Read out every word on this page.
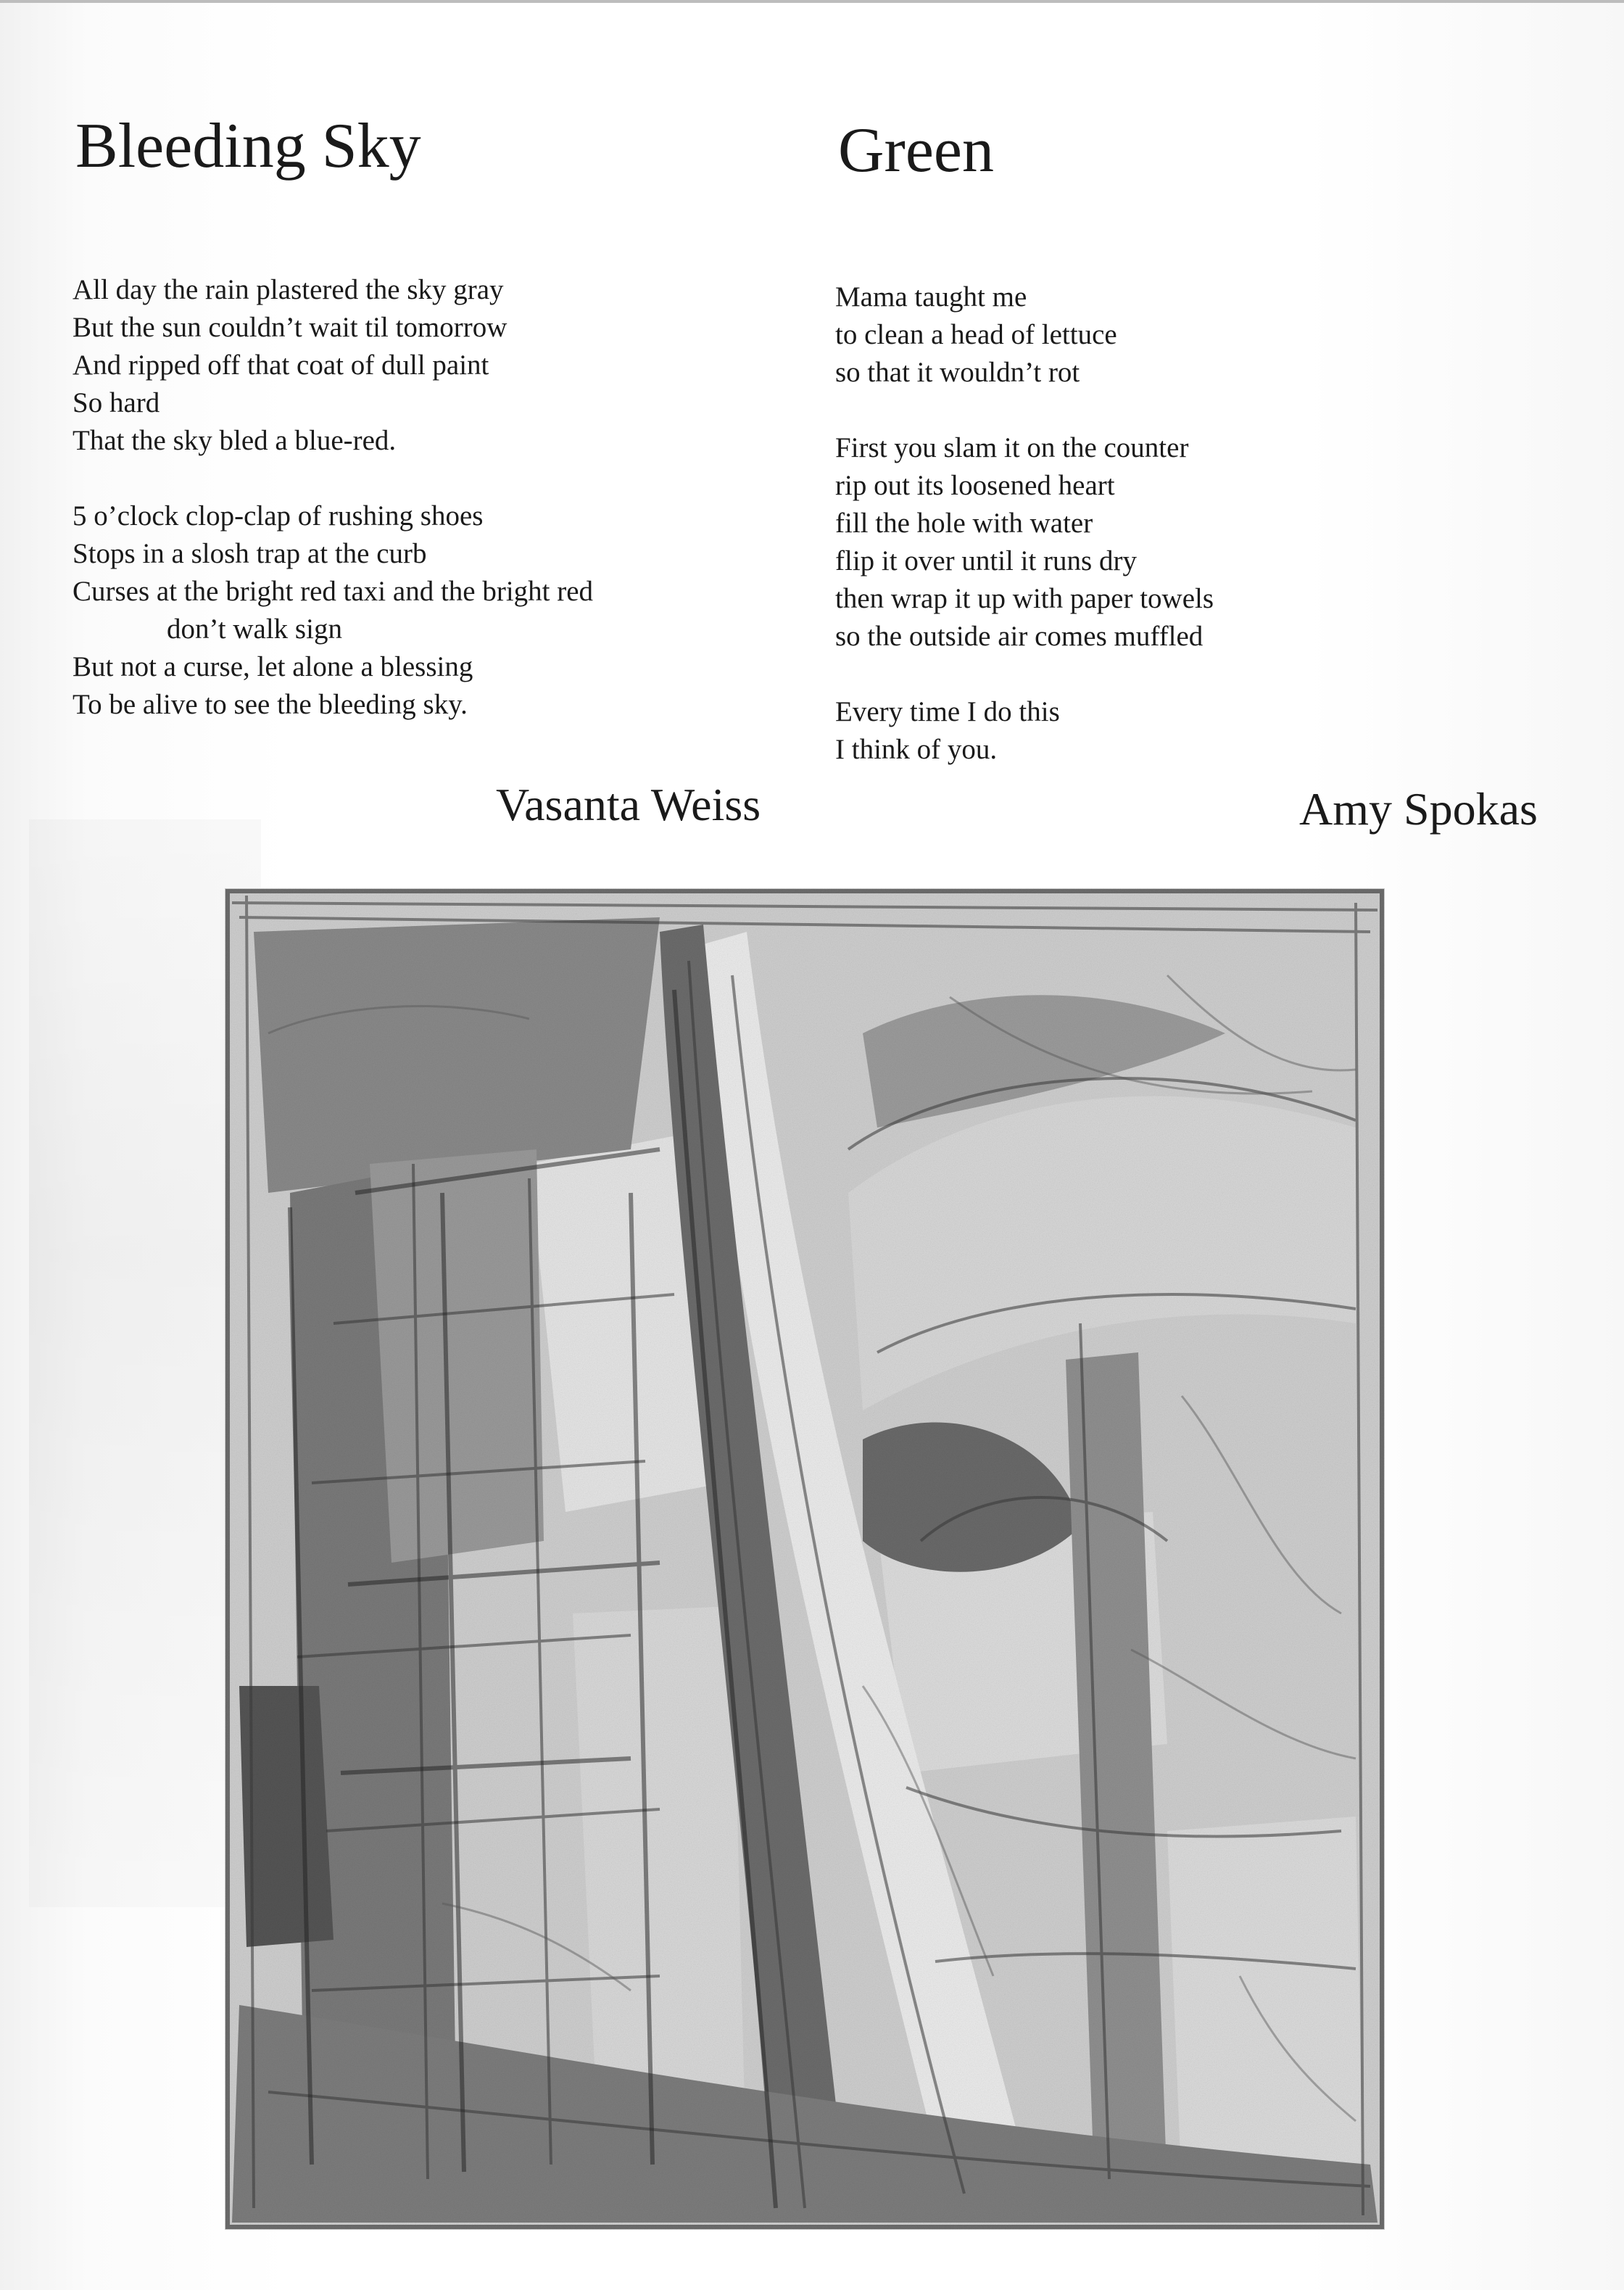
Bleeding Sky
All day the rain plastered the sky gray
But the sun couldn’t wait til tomorrow
And ripped off that coat of dull paint
So hard
That the sky bled a blue-red.
5 o’clock clop-clap of rushing shoes
Stops in a slosh trap at the curb
Curses at the bright red taxi and the bright red
don’t walk sign
But not a curse, let alone a blessing
To be alive to see the bleeding sky.
Vasanta Weiss
Green
Mama taught me
to clean a head of lettuce
so that it wouldn’t rot
First you slam it on the counter
rip out its loosened heart
fill the hole with water
flip it over until it runs dry
then wrap it up with paper towels
so the outside air comes muffled
Every time I do this
I think of you.
Amy Spokas
